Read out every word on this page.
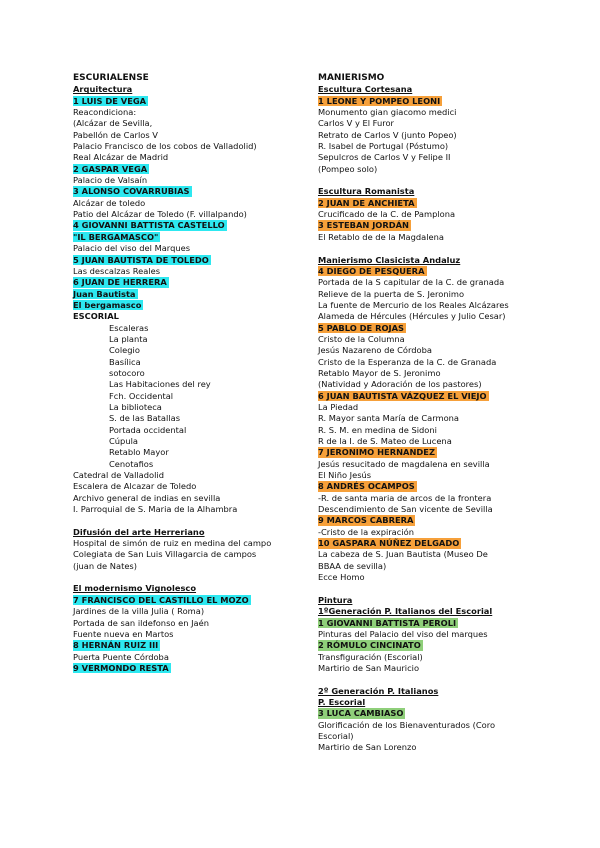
ESCURIALENSE
Arquitectura
1 LUIS DE VEGA
Reacondiciona:
(Alcázar de Sevilla,
Pabellón de Carlos V
Palacio Francisco de los cobos de Valladolid)
Real Alcázar de Madrid
2 GASPAR VEGA
Palacio de Valsaín
3 ALONSO COVARRUBIAS
Alcázar de toledo
Patio del Alcázar de Toledo (F. villalpando)
4 GIOVANNI BATTISTA CASTELLO
"IL BERGAMASCO"
Palacio del viso del Marques
5 JUAN BAUTISTA DE TOLEDO
Las descalzas Reales
6 JUAN DE HERRERA
Juan Bautista
El bergamasco
ESCORIAL
Escaleras
La planta
Colegio
Basílica
sotocoro
Las Habitaciones del rey
Fch. Occidental
La biblioteca
S. de las Batallas
Portada occidental
Cúpula
Retablo Mayor
Cenotafios
Catedral de Valladolid
Escalera de Alcazar de Toledo
Archivo general de indias en sevilla
I. Parroquial de S. Maria de la Alhambra
Difusión del arte Herreriano
Hospital de simón de ruiz en medina del campo
Colegiata de San Luis Villagarcia de campos
(juan de Nates)
El modernismo Vignolesco
7 FRANCISCO DEL CASTILLO EL MOZO
Jardines de la villa Julia ( Roma)
Portada de san ildefonso en Jaén
Fuente nueva en Martos
8 HERNÁN RUIZ III
Puerta Puente Córdoba
9 VERMONDO RESTA
MANIERISMO
Escultura Cortesana
1 LEONE Y POMPEO LEONI
Monumento gian giacomo medici
Carlos V y El Furor
Retrato de Carlos V (junto Popeo)
R. Isabel de Portugal (Póstumo)
Sepulcros de Carlos V y Felipe II
(Pompeo solo)
Escultura Romanista
2 JUAN DE ANCHIETA
Crucificado de la C. de Pamplona
3 ESTEBAN JORDÁN
El Retablo de de la Magdalena
Manierismo Clasicista Andaluz
4 DIEGO DE PESQUERA
Portada de la S capitular de la C. de granada
Relieve de la puerta de S. Jeronimo
La fuente de Mercurio de los Reales Alcázares
Alameda de Hércules (Hércules y Julio Cesar)
5 PABLO DE ROJAS
Cristo de la Columna
Jesús Nazareno de Córdoba
Cristo de la Esperanza de la C. de Granada
Retablo Mayor de S. Jeronimo
(Natividad y Adoración de los pastores)
6 JUAN BAUTISTA VÁZQUEZ EL VIEJO
La Piedad
R. Mayor santa María de Carmona
R. S. M. en medina de Sidoni
R de la I. de S. Mateo de Lucena
7 JERONIMO HERNANDEZ
Jesús resucitado de magdalena en sevilla
El Niño Jesús
8 ANDRÉS OCAMPOS
-R. de santa maria de arcos de la frontera
Descendimiento de San vicente de Sevilla
9 MARCOS CABRERA
-Cristo de la expiración
10 GASPARA NÚÑEZ DELGADO
La cabeza de S. Juan Bautista (Museo De
BBAA de sevilla)
Ecce Homo
Pintura
1ºGeneración P. Italianos del Escorial
1 GIOVANNI BATTISTA PEROLI
Pinturas del Palacio del viso del marques
2 RÓMULO CINCINATO
Transfiguración (Escorial)
Martirio de San Mauricio
2º Generación P. Italianos
P. Escorial
3 LUCA CAMBIASO
Glorificación de los Bienaventurados (Coro
Escorial)
Martirio de San Lorenzo
